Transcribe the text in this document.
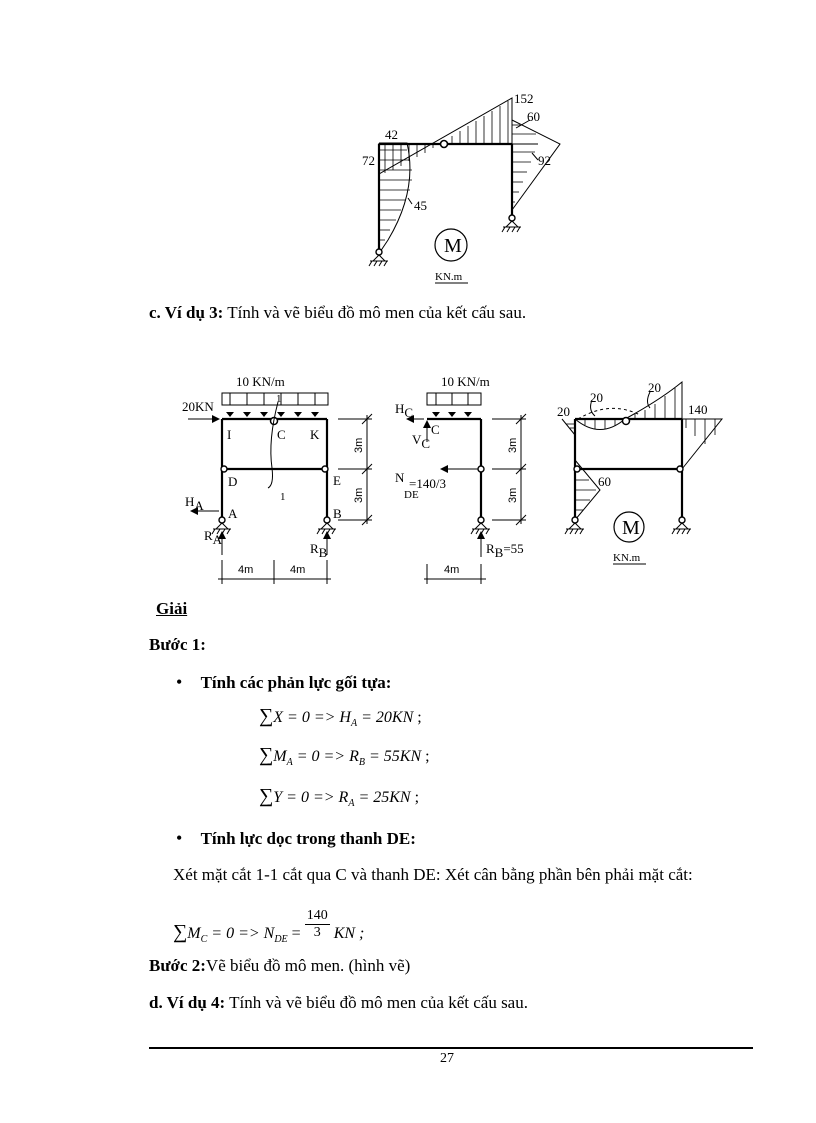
152
60
42
72	92
45
M
KN.m
c. Ví dụ 3: Tính và vẽ biểu đồ mô men của kết cấu sau.
10 KN/m
1
1
20KN
I	C K
D	E
A	B
HA
RA
RB
3m
3m
4m	4m
10 KN/m
HC
VC
C
N =140/3
DE
RB=55
3m
3m
4m
20
20
20
140
60
M
KN.m
Giải
Bước 1:
• Tính các phản lực gối tựa:
$\sum X = 0 => H_A = 20KN$ ;
$\sum M_A = 0 => R_B = 55KN$ ;
$\sum Y = 0 => R_A = 25KN$ ;
• Tính lực dọc trong thanh DE:
Xét mặt cắt 1-1 cắt qua C và thanh DE: Xét cân bằng phần bên phải mặt cắt:
$\sum M_C = 0 => N_{DE} = \frac{140}{3}$ KN ;
Bước 2:Vẽ biểu đồ mô men. (hình vẽ)
d. Ví dụ 4: Tính và vẽ biểu đồ mô men của kết cấu sau.
27
